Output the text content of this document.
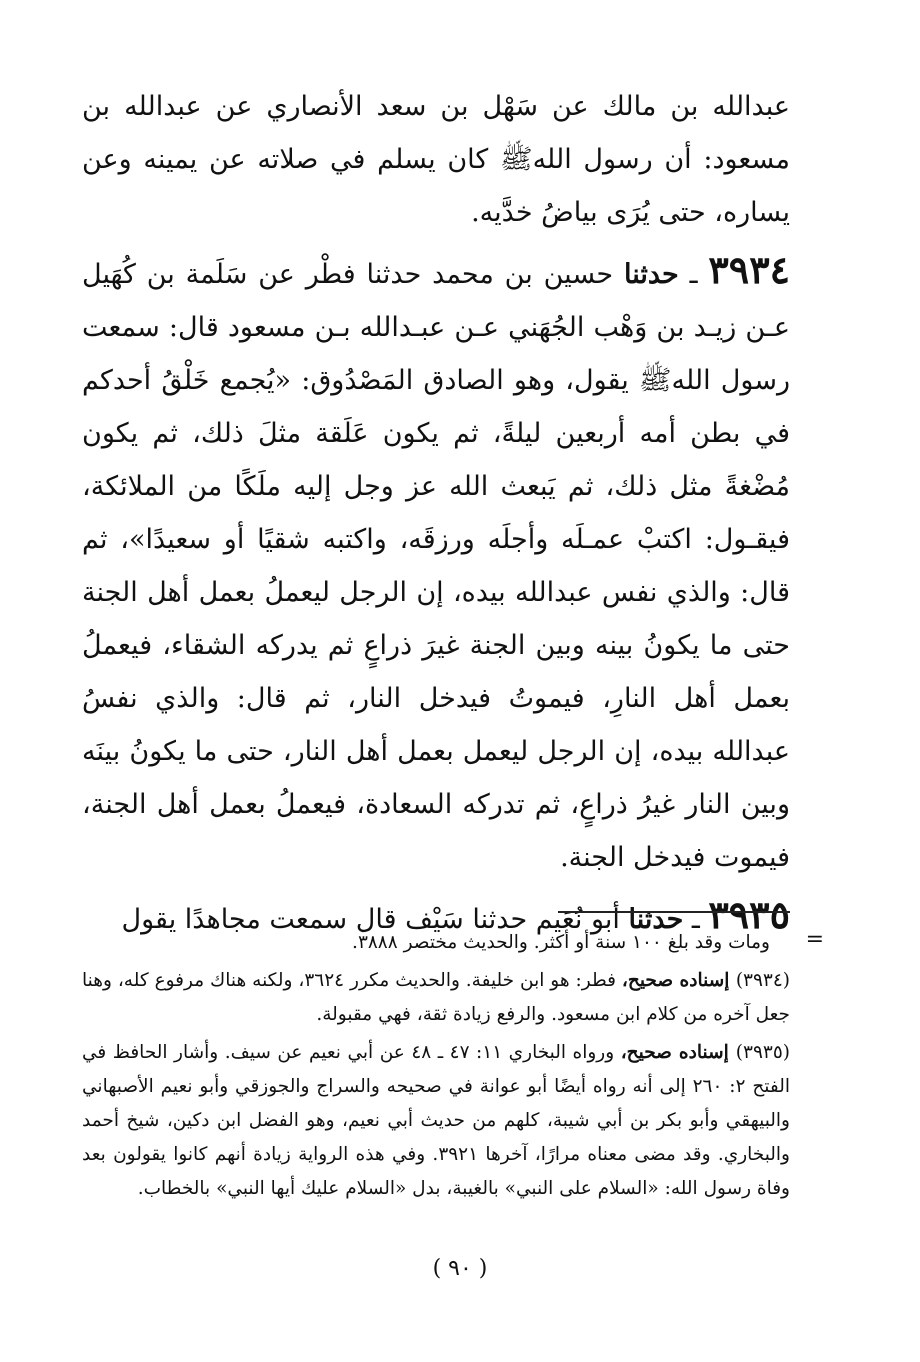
عبدالله بن مالك عن سَهْل بن سعد الأنصاري عن عبدالله بن مسعود: أن رسول اللهﷺ كان يسلم في صلاته عن يمينه وعن يساره، حتى يُرَى بياضُ خدَّيه.

٣٩٣٤ ـ حدثنا حسين بن محمد حدثنا فطْر عن سَلَمة بن كُهَيل عـن زيـد بن وَهْب الجُهَني عـن عبـدالله بـن مسعود قال: سمعت رسول اللهﷺ يقول، وهو الصادق المَصْدُوق: «يُجمع خَلْقُ أحدكم في بطن أمه أربعين ليلةً، ثم يكون عَلَقة مثلَ ذلك، ثم يكون مُضْغةً مثل ذلك، ثم يَبعث الله عز وجل إليه ملَكًا من الملائكة، فيقـول: اكتبْ عمـلَه وأجلَه ورزقَه، واكتبه شقيًا أو سعيدًا»، ثم قال: والذي نفس عبدالله بيده، إن الرجل ليعملُ بعمل أهل الجنة حتى ما يكونُ بينه وبين الجنة غيرَ ذراعٍ ثم يدركه الشقاء، فيعملُ بعمل أهل النارِ، فيموتُ فيدخل النار، ثم قال: والذي نفسُ عبدالله بيده، إن الرجل ليعمل بعمل أهل النار، حتى ما يكونُ بينَه وبين النار غيرُ ذراعٍ، ثم تدركه السعادة، فيعملُ بعمل أهل الجنة، فيموت فيدخل الجنة.

٣٩٣٥ ـ حدثنا أبو نُعَيم حدثنا سَيْف قال سمعت مجاهدًا يقول

=

ومات وقد بلغ ١٠٠ سنة أو أكثر. والحديث مختصر ٣٨٨٨.

(٣٩٣٤) إسناده صحيح، فطر: هو ابن خليفة. والحديث مكرر ٣٦٢٤، ولكنه هناك مرفوع كله، وهنا جعل آخره من كلام ابن مسعود. والرفع زيادة ثقة، فهي مقبولة.

(٣٩٣٥) إسناده صحيح، ورواه البخاري ١١: ٤٧ ـ ٤٨ عن أبي نعيم عن سيف. وأشار الحافظ في الفتح ٢: ٢٦٠ إلى أنه رواه أيضًا أبو عوانة في صحيحه والسراج والجوزقي وأبو نعيم الأصبهاني والبيهقي وأبو بكر بن أبي شيبة، كلهم من حديث أبي نعيم، وهو الفضل ابن دكين، شيخ أحمد والبخاري. وقد مضى معناه مرارًا، آخرها ٣٩٢١. وفي هذه الرواية زيادة أنهم كانوا يقولون بعد وفاة رسول الله: «السلام على النبي» بالغيبة، بدل «السلام عليك أيها النبي» بالخطاب.

( ٩٠ )
